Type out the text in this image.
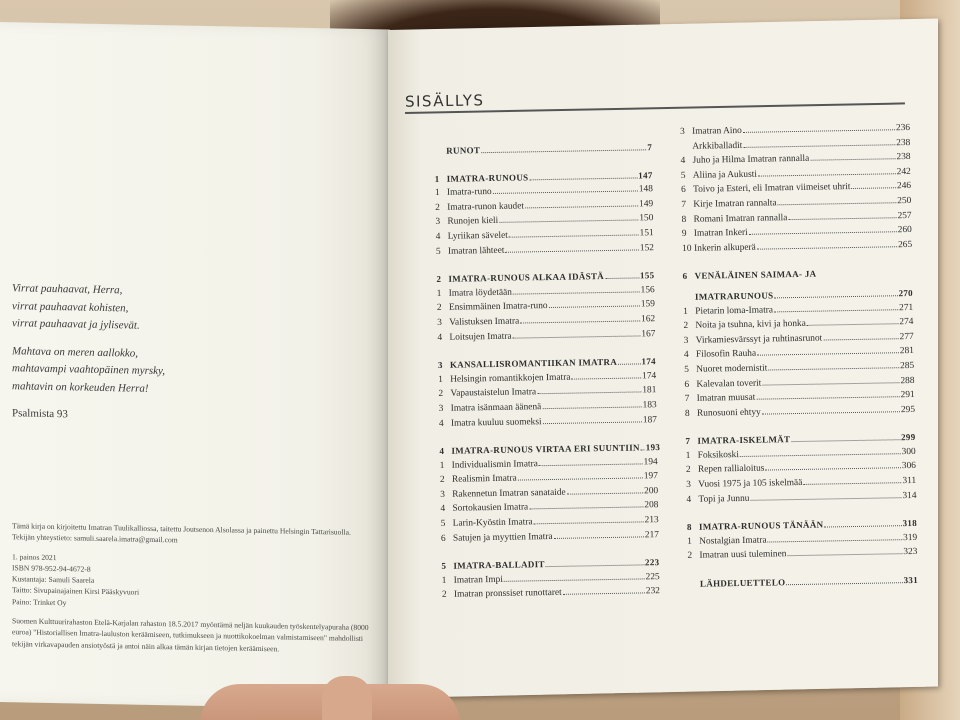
Virrat pauhaavat, Herra,
virrat pauhaavat kohisten,
virrat pauhaavat ja jylisevät.
Mahtava on meren aallokko,
mahtavampi vaahtopäinen myrsky,
mahtavin on korkeuden Herra!
Psalmista 93

Tämä kirja on kirjoitettu Imatran Tuulikalliossa, taitettu Joutsenon Alsolassa ja painettu Helsingin Tattarisuolla. Tekijän yhteystieto: samuli.saarela.imatra@gmail.com

1. painos 2021
ISBN 978-952-94-4672-8
Kustantaja: Samuli Saarela
Taitto: Sivupainajainen Kirsi Pääskyvuori
Paino: Trinket Oy

Suomen Kulttuurirahaston Etelä-Karjalan rahaston 18.5.2017 myöntämä neljän kuukauden työskentelyapuraha (8000 euroa) "Historiallisen Imatra-lauluston keräämiseen, tutkimukseen ja nuottikokoelman valmistamiseen" mahdollisti tekijän virkavapauden ansiotyöstä ja antoi näin alkaa tämän kirjan tietojen keräämiseen.

SISÄLLYS
RUNOT	7
1 IMATRA-RUNOUS	147
1 Imatra-runo	148
2 Imatra-runon kaudet	149
3 Runojen kieli	150
4 Lyriikan sävelet	151
5 Imatran lähteet	152
2 IMATRA-RUNOUS ALKAA IDÄSTÄ	155
1 Imatra löydetään	156
2 Ensimmäinen Imatra-runo	159
3 Valistuksen Imatra	162
4 Loitsujen Imatra	167
3 KANSALLISROMANTIIKAN IMATRA	174
1 Helsingin romantikkojen Imatra	174
2 Vapaustaistelun Imatra	181
3 Imatra isänmaan äänenä	183
4 Imatra kuuluu suomeksi	187
4 IMATRA-RUNOUS VIRTAA ERI SUUNTIIN 193
1 Individualismin Imatra	194
2 Realismin Imatra	197
3 Rakennetun Imatran sanataide	200
4 Sortokausien Imatra	208
5 Larin-Kyöstin Imatra	213
6 Satujen ja myyttien Imatra	217
5 IMATRA-BALLADIT	223
1 Imatran Impi	225
2 Imatran pronssiset runottaret	232
3 Imatran Aino	236
Arkkiballadit	238
4 Juho ja Hilma Imatran rannalla	238
5 Aliina ja Aukusti	242
6 Toivo ja Esteri, eli Imatran viimeiset uhrit	246
7 Kirje Imatran rannalta	250
8 Romani Imatran rannalla	257
9 Imatran Inkeri	260
10 Inkerin alkuperä	265
6 VENÄLÄINEN SAIMAA- JA
IMATRARUNOUS	270
1 Pietarin loma-Imatra	271
2 Noita ja tsuhna, kivi ja honka	274
3 Virkamiesvärssyt ja ruhtinasrunot	277
4 Filosofin Rauha	281
5 Nuoret modernistit	285
6 Kalevalan toverit	288
7 Imatran muusat	291
8 Runosuoni ehtyy	295
7 IMATRA-ISKELMÄT	299
1 Foksikoski	300
2 Repen rallialoitus	306
3 Vuosi 1975 ja 105 iskelmää	311
4 Topi ja Junnu	314
8 IMATRA-RUNOUS TÄNÄÄN	318
1 Nostalgian Imatra	319
2 Imatran uusi tuleminen	323
LÄHDELUETTELO	331
